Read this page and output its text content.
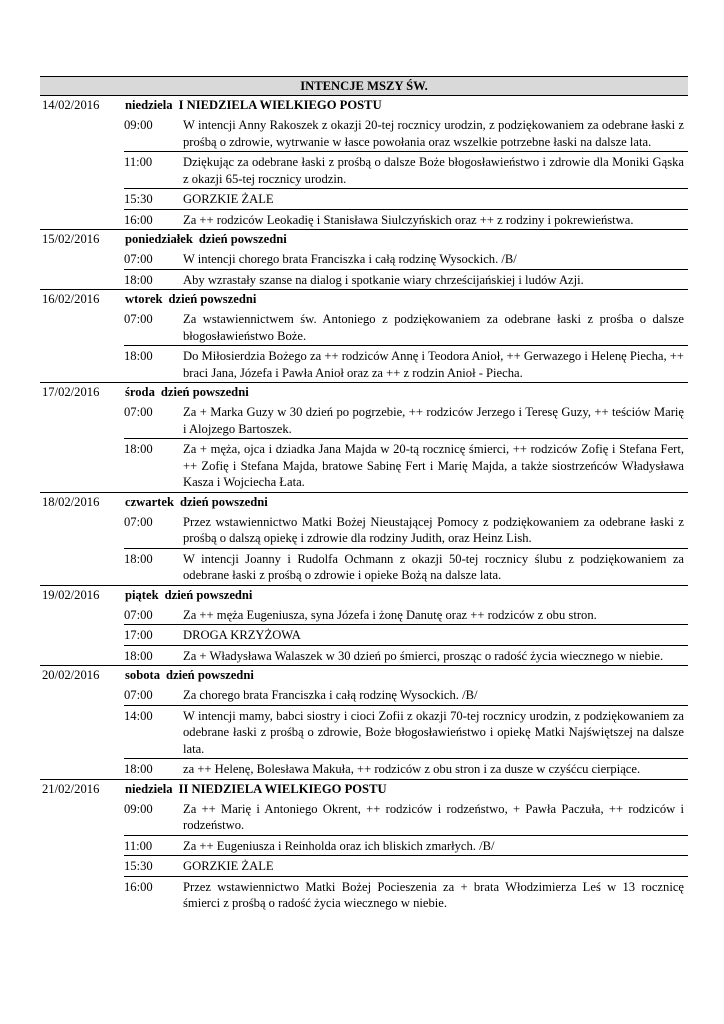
INTENCJE MSZY ŚW.
14/02/2016	niedziela I NIEDZIELA WIELKIEGO POSTU
09:00	W intencji Anny Rakoszek z okazji 20-tej rocznicy urodzin, z podziękowaniem za odebrane łaski z prośbą o zdrowie, wytrwanie w łasce powołania oraz wszelkie potrzebne łaski na dalsze lata.
11:00	Dziękując za odebrane łaski z prośbą o dalsze Boże błogosławieństwo i zdrowie dla Moniki Gąska z okazji 65-tej rocznicy urodzin.
15:30	GORZKIE ŻALE
16:00	Za ++ rodziców Leokadię i Stanisława Siulczyńskich oraz ++ z rodziny i pokrewieństwa.
15/02/2016	poniedziałek dzień powszedni
07:00	W intencji chorego brata Franciszka i całą rodzinę Wysockich. /B/
18:00	Aby wzrastały szanse na dialog i spotkanie wiary chrześcijańskiej i ludów Azji.
16/02/2016	wtorek dzień powszedni
07:00	Za wstawiennictwem św. Antoniego z podziękowaniem za odebrane łaski z prośba o dalsze błogosławieństwo Boże.
18:00	Do Miłosierdzia Bożego za ++ rodziców Annę i Teodora Anioł, ++ Gerwazego i Helenę Piecha, ++ braci Jana, Józefa i Pawła Anioł oraz za ++ z rodzin Anioł - Piecha.
17/02/2016	środa dzień powszedni
07:00	Za + Marka Guzy w 30 dzień po pogrzebie, ++ rodziców Jerzego i Teresę Guzy, ++ teściów Marię i Alojzego Bartoszek.
18:00	Za + męża, ojca i dziadka Jana Majda w 20-tą rocznicę śmierci, ++ rodziców Zofię i Stefana Fert, ++ Zofię i Stefana Majda, bratowe Sabinę Fert i Marię Majda, a także siostrzeńców Władysława Kasza i Wojciecha Łata.
18/02/2016	czwartek dzień powszedni
07:00	Przez wstawiennictwo Matki Bożej Nieustającej Pomocy z podziękowaniem za odebrane łaski z prośbą o dalszą opiekę i zdrowie dla rodziny Judith, oraz Heinz Lish.
18:00	W intencji Joanny i Rudolfa Ochmann z okazji 50-tej rocznicy ślubu z podziękowaniem za odebrane łaski z prośbą o zdrowie i opieke Bożą na dalsze lata.
19/02/2016	piątek dzień powszedni
07:00	Za ++ męża Eugeniusza, syna Józefa i żonę Danutę oraz ++ rodziców z obu stron.
17:00	DROGA KRZYŻOWA
18:00	Za + Władysława Walaszek w 30 dzień po śmierci, prosząc o radość życia wiecznego w niebie.
20/02/2016	sobota dzień powszedni
07:00	Za chorego brata Franciszka i całą rodzinę Wysockich. /B/
14:00	W intencji mamy, babci siostry i cioci Zofii z okazji 70-tej rocznicy urodzin, z podziękowaniem za odebrane łaski z prośbą o zdrowie, Boże błogosławieństwo i opiekę Matki Najświętszej na dalsze lata.
18:00	za ++ Helenę, Bolesława Makuła, ++ rodziców z obu stron i za dusze w czyśćcu cierpiące.
21/02/2016	niedziela II NIEDZIELA WIELKIEGO POSTU
09:00	Za ++ Marię i Antoniego Okrent, ++ rodziców i rodzeństwo, + Pawła Paczuła, ++ rodziców i rodzeństwo.
11:00	Za ++ Eugeniusza i Reinholda oraz ich bliskich zmarłych. /B/
15:30	GORZKIE ŻALE
16:00	Przez wstawiennictwo Matki Bożej Pocieszenia za + brata Włodzimierza Leś w 13 rocznicę śmierci z prośbą o radość życia wiecznego w niebie.
